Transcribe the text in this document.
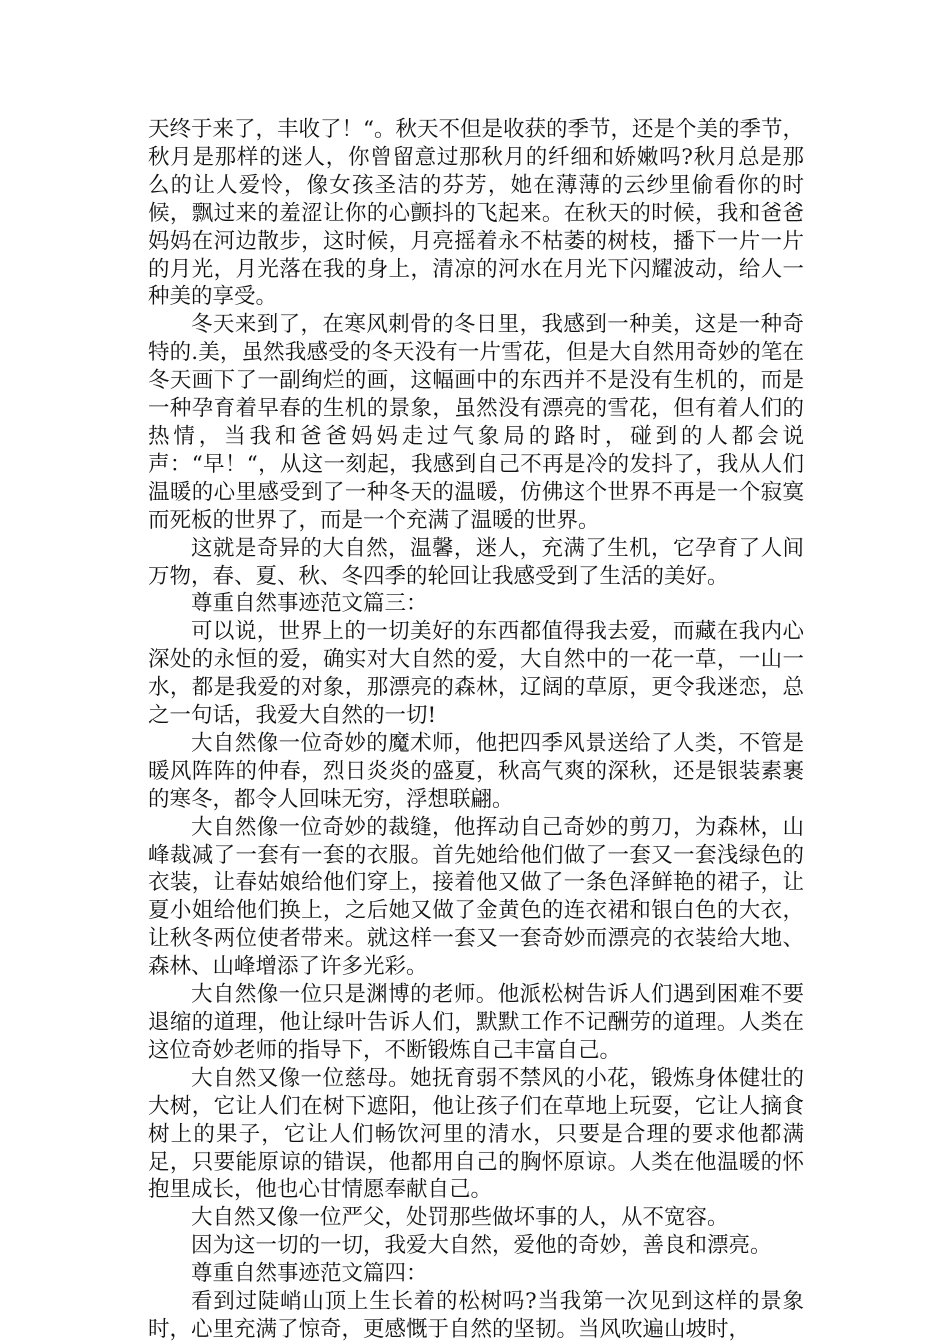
天终于来了，丰收了！“。秋天不但是收获的季节，还是个美的季节，秋月是那样的迷人，你曾留意过那秋月的纤细和娇嫩吗?秋月总是那么的让人爱怜，像女孩圣洁的芬芳，她在薄薄的云纱里偷看你的时候，飘过来的羞涩让你的心颤抖的飞起来。在秋天的时候，我和爸爸妈妈在河边散步，这时候，月亮摇着永不枯萎的树枝，播下一片一片的月光，月光落在我的身上，清凉的河水在月光下闪耀波动，给人一种美的享受。

冬天来到了，在寒风刺骨的冬日里，我感到一种美，这是一种奇特的.美，虽然我感受的冬天没有一片雪花，但是大自然用奇妙的笔在冬天画下了一副绚烂的画，这幅画中的东西并不是没有生机的，而是一种孕育着早春的生机的景象，虽然没有漂亮的雪花，但有着人们的热情，当我和爸爸妈妈走过气象局的路时，碰到的人都会说声：“早！“，从这一刻起，我感到自己不再是冷的发抖了，我从人们温暖的心里感受到了一种冬天的温暖，仿佛这个世界不再是一个寂寞而死板的世界了，而是一个充满了温暖的世界。

这就是奇异的大自然，温馨，迷人，充满了生机，它孕育了人间万物，春、夏、秋、冬四季的轮回让我感受到了生活的美好。

尊重自然事迹范文篇三：

可以说，世界上的一切美好的东西都值得我去爱，而藏在我内心深处的永恒的爱，确实对大自然的爱，大自然中的一花一草，一山一水，都是我爱的对象，那漂亮的森林，辽阔的草原，更令我迷恋，总之一句话，我爱大自然的一切!

大自然像一位奇妙的魔术师，他把四季风景送给了人类，不管是暖风阵阵的仲春，烈日炎炎的盛夏，秋高气爽的深秋，还是银装素裹的寒冬，都令人回味无穷，浮想联翩。

大自然像一位奇妙的裁缝，他挥动自己奇妙的剪刀，为森林，山峰裁减了一套有一套的衣服。首先她给他们做了一套又一套浅绿色的衣装，让春姑娘给他们穿上，接着他又做了一条色泽鲜艳的裙子，让夏小姐给他们换上，之后她又做了金黄色的连衣裙和银白色的大衣，让秋冬两位使者带来。就这样一套又一套奇妙而漂亮的衣装给大地、森林、山峰增添了许多光彩。

大自然像一位只是渊博的老师。他派松树告诉人们遇到困难不要退缩的道理，他让绿叶告诉人们，默默工作不记酬劳的道理。人类在这位奇妙老师的指导下，不断锻炼自己丰富自己。

大自然又像一位慈母。她抚育弱不禁风的小花，锻炼身体健壮的大树，它让人们在树下遮阳，他让孩子们在草地上玩耍，它让人摘食树上的果子，它让人们畅饮河里的清水，只要是合理的要求他都满足，只要能原谅的错误，他都用自己的胸怀原谅。人类在他温暖的怀抱里成长，他也心甘情愿奉献自己。

大自然又像一位严父，处罚那些做坏事的人，从不宽容。

因为这一切的一切，我爱大自然，爱他的奇妙，善良和漂亮。

尊重自然事迹范文篇四：

看到过陡峭山顶上生长着的松树吗?当我第一次见到这样的景象时，心里充满了惊奇，更感慨于自然的坚韧。当风吹遍山坡时，
